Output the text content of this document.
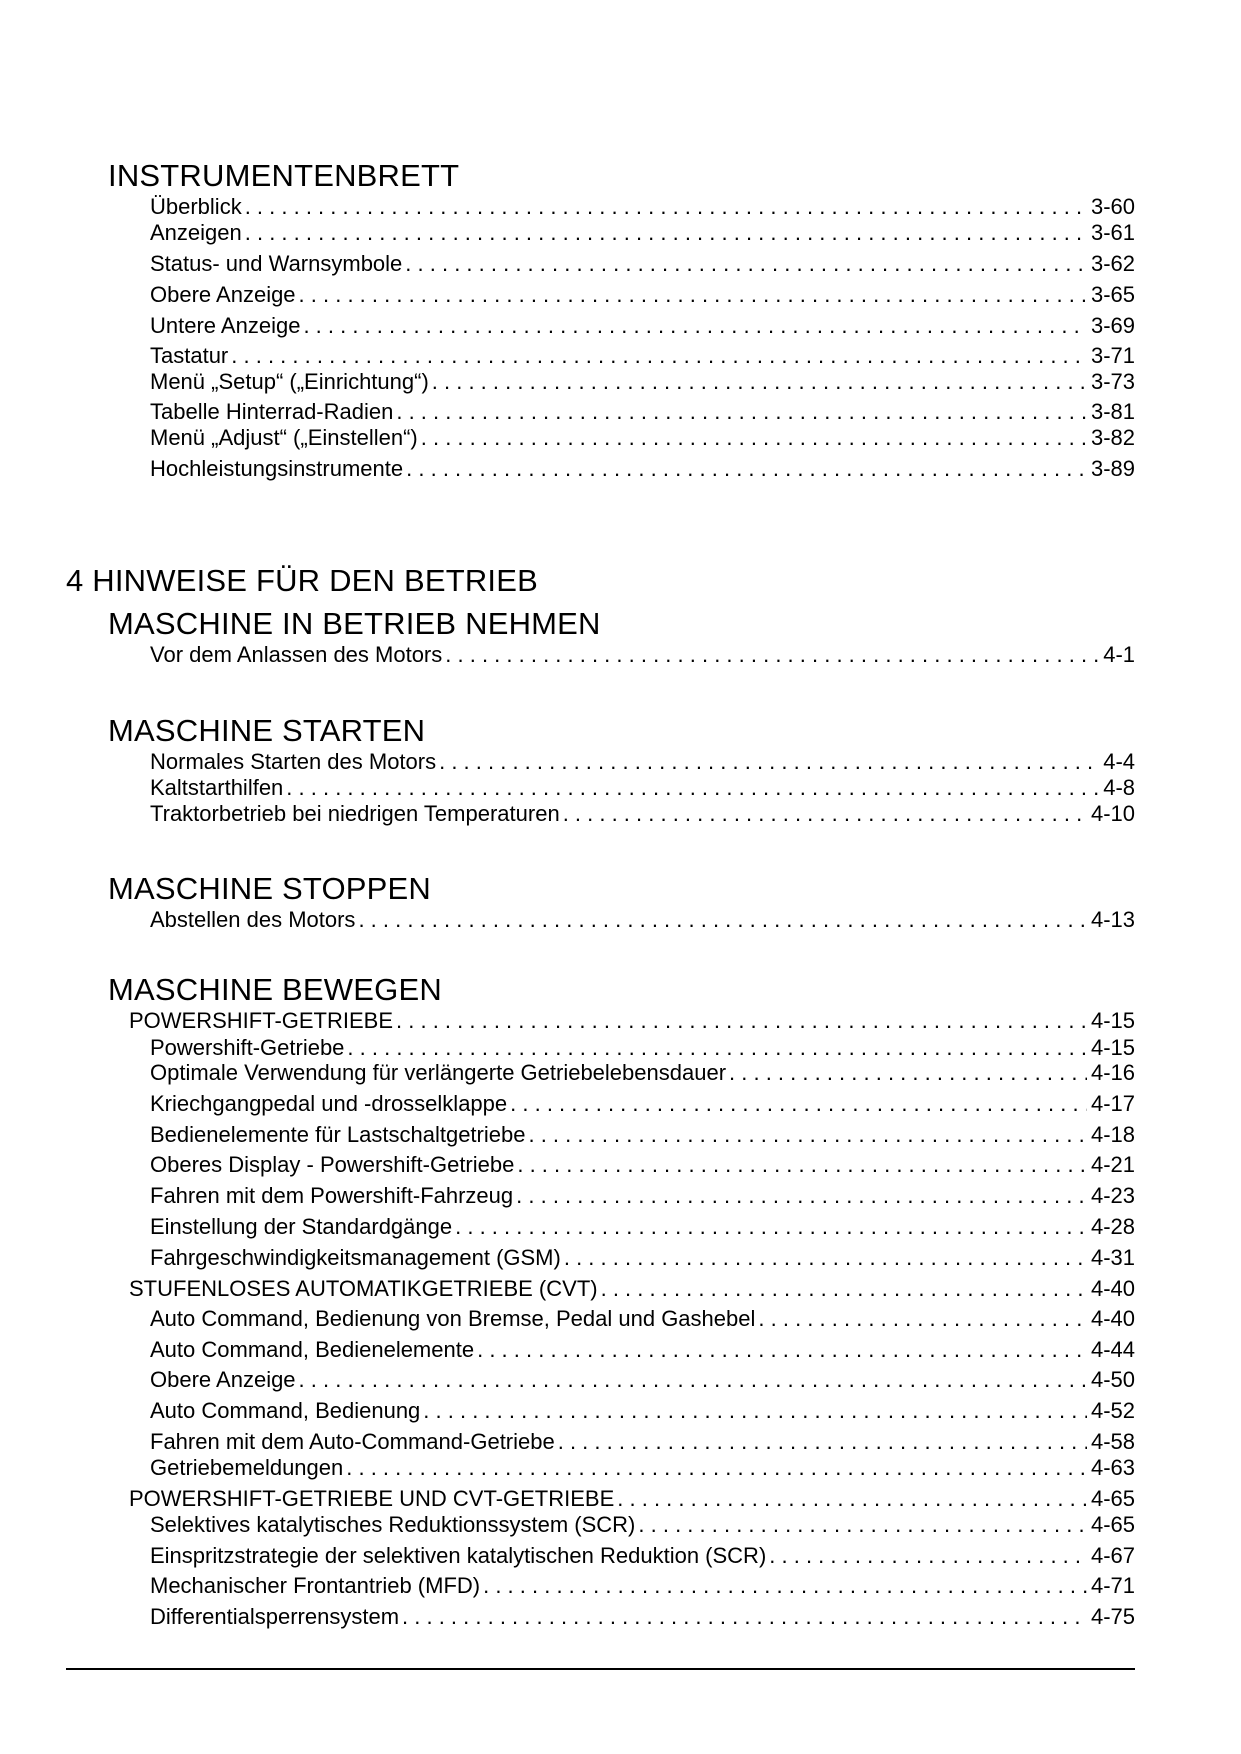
INSTRUMENTENBRETT
Überblick . . .	3-60
Anzeigen . . .	3-61
Status- und Warnsymbole . . .	3-62
Obere Anzeige . . .	3-65
Untere Anzeige . . .	3-69
Tastatur . . .	3-71
Menü „Setup“ („Einrichtung“) . . .	3-73
Tabelle Hinterrad-Radien . . .	3-81
Menü „Adjust“ („Einstellen“) . . .	3-82
Hochleistungsinstrumente . . .	3-89
4 HINWEISE FÜR DEN BETRIEB
MASCHINE IN BETRIEB NEHMEN
Vor dem Anlassen des Motors . . .	4-1
MASCHINE STARTEN
Normales Starten des Motors . . .	4-4
Kaltstarthilfen . . .	4-8
Traktorbetrieb bei niedrigen Temperaturen . . .	4-10
MASCHINE STOPPEN
Abstellen des Motors . . .	4-13
MASCHINE BEWEGEN
POWERSHIFT-GETRIEBE . . .	4-15
Powershift-Getriebe . . .	4-15
Optimale Verwendung für verlängerte Getriebelebensdauer . . .	4-16
Kriechgangpedal und -drosselklappe . . .	4-17
Bedienelemente für Lastschaltgetriebe . . .	4-18
Oberes Display - Powershift-Getriebe . . .	4-21
Fahren mit dem Powershift-Fahrzeug . . .	4-23
Einstellung der Standardgänge . . .	4-28
Fahrgeschwindigkeitsmanagement (GSM) . . .	4-31
STUFENLOSES AUTOMATIKGETRIEBE (CVT) . . .	4-40
Auto Command, Bedienung von Bremse, Pedal und Gashebel . . .	4-40
Auto Command, Bedienelemente . . .	4-44
Obere Anzeige . . .	4-50
Auto Command, Bedienung . . .	4-52
Fahren mit dem Auto-Command-Getriebe . . .	4-58
Getriebemeldungen . . .	4-63
POWERSHIFT-GETRIEBE UND CVT-GETRIEBE . . .	4-65
Selektives katalytisches Reduktionssystem (SCR) . . .	4-65
Einspritzstrategie der selektiven katalytischen Reduktion (SCR) . . .	4-67
Mechanischer Frontantrieb (MFD) . . .	4-71
Differentialsperrensystem . . .	4-75
